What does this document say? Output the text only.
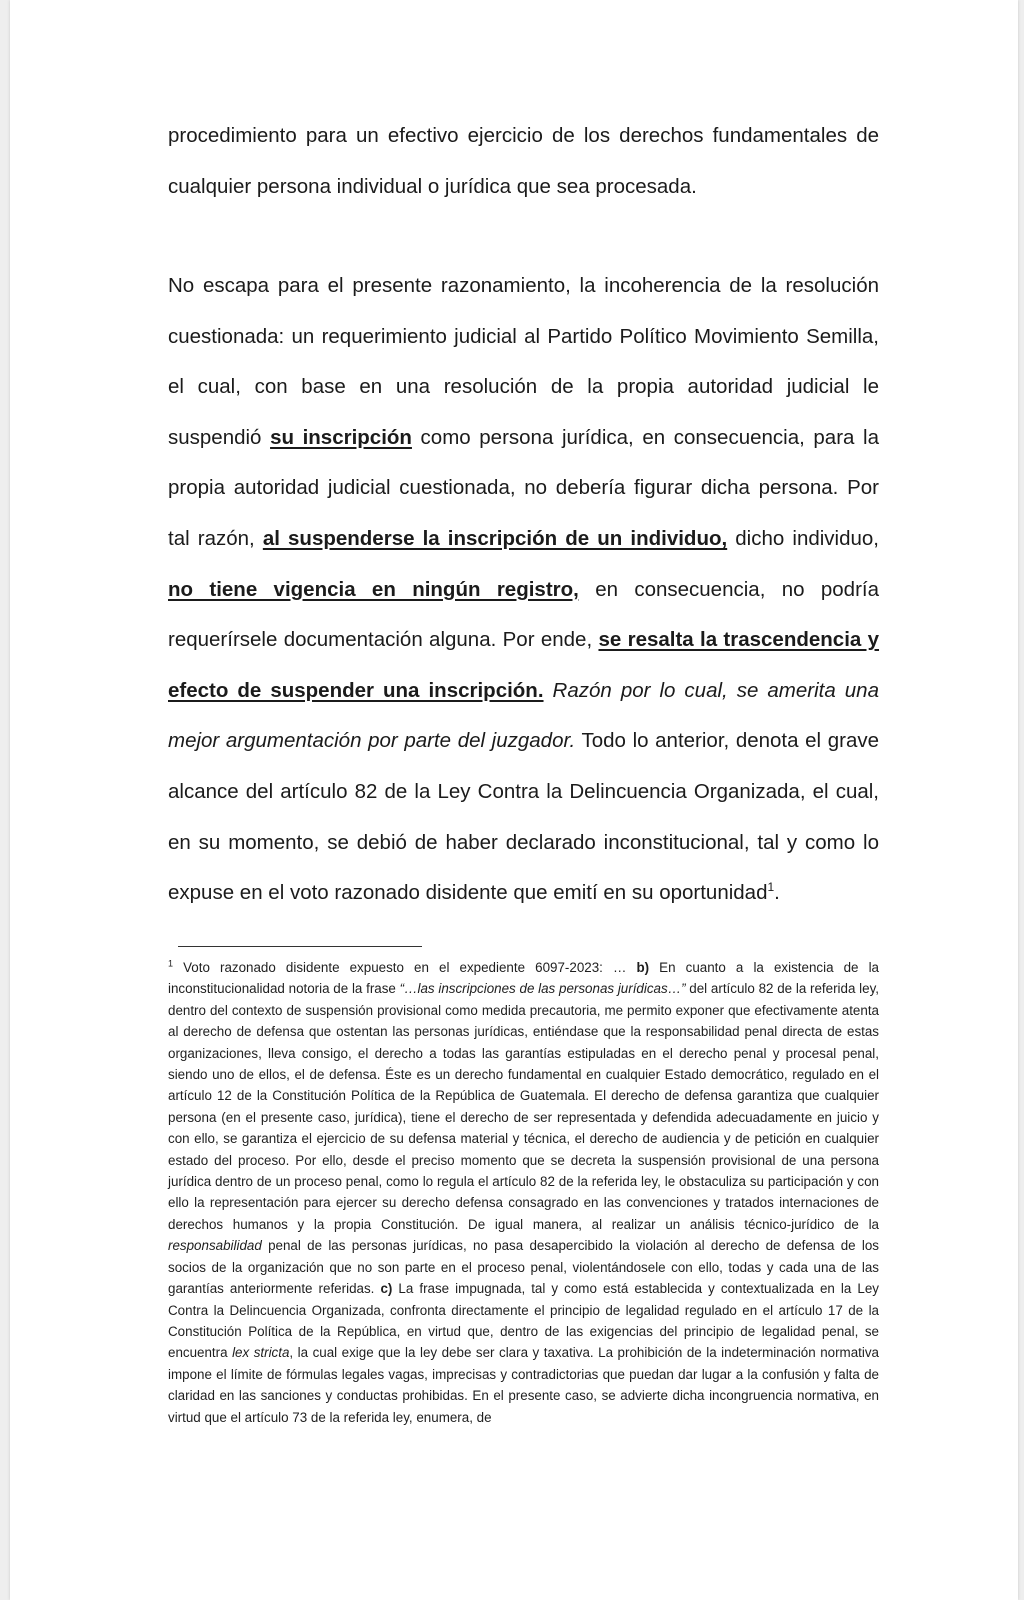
procedimiento para un efectivo ejercicio de los derechos fundamentales de cualquier persona individual o jurídica que sea procesada.

No escapa para el presente razonamiento, la incoherencia de la resolución cuestionada: un requerimiento judicial al Partido Político Movimiento Semilla, el cual, con base en una resolución de la propia autoridad judicial le suspendió su inscripción como persona jurídica, en consecuencia, para la propia autoridad judicial cuestionada, no debería figurar dicha persona. Por tal razón, al suspenderse la inscripción de un individuo, dicho individuo, no tiene vigencia en ningún registro, en consecuencia, no podría requerírsele documentación alguna. Por ende, se resalta la trascendencia y efecto de suspender una inscripción. Razón por lo cual, se amerita una mejor argumentación por parte del juzgador. Todo lo anterior, denota el grave alcance del artículo 82 de la Ley Contra la Delincuencia Organizada, el cual, en su momento, se debió de haber declarado inconstitucional, tal y como lo expuse en el voto razonado disidente que emití en su oportunidad$^1$.

$^1$ Voto razonado disidente expuesto en el expediente 6097-2023: … b) En cuanto a la existencia de la inconstitucionalidad notoria de la frase “…las inscripciones de las personas jurídicas…” del artículo 82 de la referida ley, dentro del contexto de suspensión provisional como medida precautoria, me permito exponer que efectivamente atenta al derecho de defensa que ostentan las personas jurídicas, entiéndase que la responsabilidad penal directa de estas organizaciones, lleva consigo, el derecho a todas las garantías estipuladas en el derecho penal y procesal penal, siendo uno de ellos, el de defensa. Éste es un derecho fundamental en cualquier Estado democrático, regulado en el artículo 12 de la Constitución Política de la República de Guatemala. El derecho de defensa garantiza que cualquier persona (en el presente caso, jurídica), tiene el derecho de ser representada y defendida adecuadamente en juicio y con ello, se garantiza el ejercicio de su defensa material y técnica, el derecho de audiencia y de petición en cualquier estado del proceso. Por ello, desde el preciso momento que se decreta la suspensión provisional de una persona jurídica dentro de un proceso penal, como lo regula el artículo 82 de la referida ley, le obstaculiza su participación y con ello la representación para ejercer su derecho defensa consagrado en las convenciones y tratados internaciones de derechos humanos y la propia Constitución. De igual manera, al realizar un análisis técnico-jurídico de la responsabilidad penal de las personas jurídicas, no pasa desapercibido la violación al derecho de defensa de los socios de la organización que no son parte en el proceso penal, violentándosele con ello, todas y cada una de las garantías anteriormente referidas. c) La frase impugnada, tal y como está establecida y contextualizada en la Ley Contra la Delincuencia Organizada, confronta directamente el principio de legalidad regulado en el artículo 17 de la Constitución Política de la República, en virtud que, dentro de las exigencias del principio de legalidad penal, se encuentra lex stricta, la cual exige que la ley debe ser clara y taxativa. La prohibición de la indeterminación normativa impone el límite de fórmulas legales vagas, imprecisas y contradictorias que puedan dar lugar a la confusión y falta de claridad en las sanciones y conductas prohibidas. En el presente caso, se advierte dicha incongruencia normativa, en virtud que el artículo 73 de la referida ley, enumera, de
